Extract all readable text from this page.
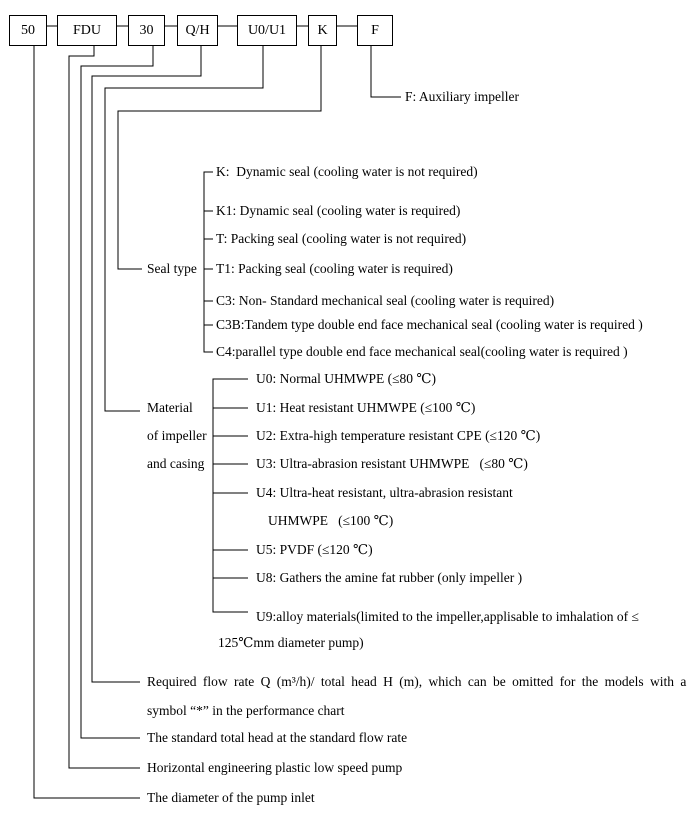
50	FDU	30	Q/H	U0/U1	K	F
F: Auxiliary impeller
Seal type
K:  Dynamic seal (cooling water is not required)
K1: Dynamic seal (cooling water is required)
T: Packing seal (cooling water is not required)
T1: Packing seal (cooling water is required)
C3: Non- Standard mechanical seal (cooling water is required)
C3B:Tandem type double end face mechanical seal (cooling water is required )
C4:parallel type double end face mechanical seal(cooling water is required )
Material
of impeller
and casing
U0: Normal UHMWPE (≤80 ℃)
U1: Heat resistant UHMWPE (≤100 ℃)
U2: Extra-high temperature resistant CPE (≤120 ℃)
U3: Ultra-abrasion resistant UHMWPE   (≤80 ℃)
U4: Ultra-heat resistant, ultra-abrasion resistant
UHMWPE   (≤100 ℃)
U5: PVDF (≤120 ℃)
U8: Gathers the amine fat rubber (only impeller )
U9:alloy materials(limited to the impeller,applisable to imhalation of ≤
125℃mm diameter pump)
Required flow rate Q (m³/h)/ total head H (m), which can be omitted for the models with a
symbol “*” in the performance chart
The standard total head at the standard flow rate
Horizontal engineering plastic low speed pump
The diameter of the pump inlet
